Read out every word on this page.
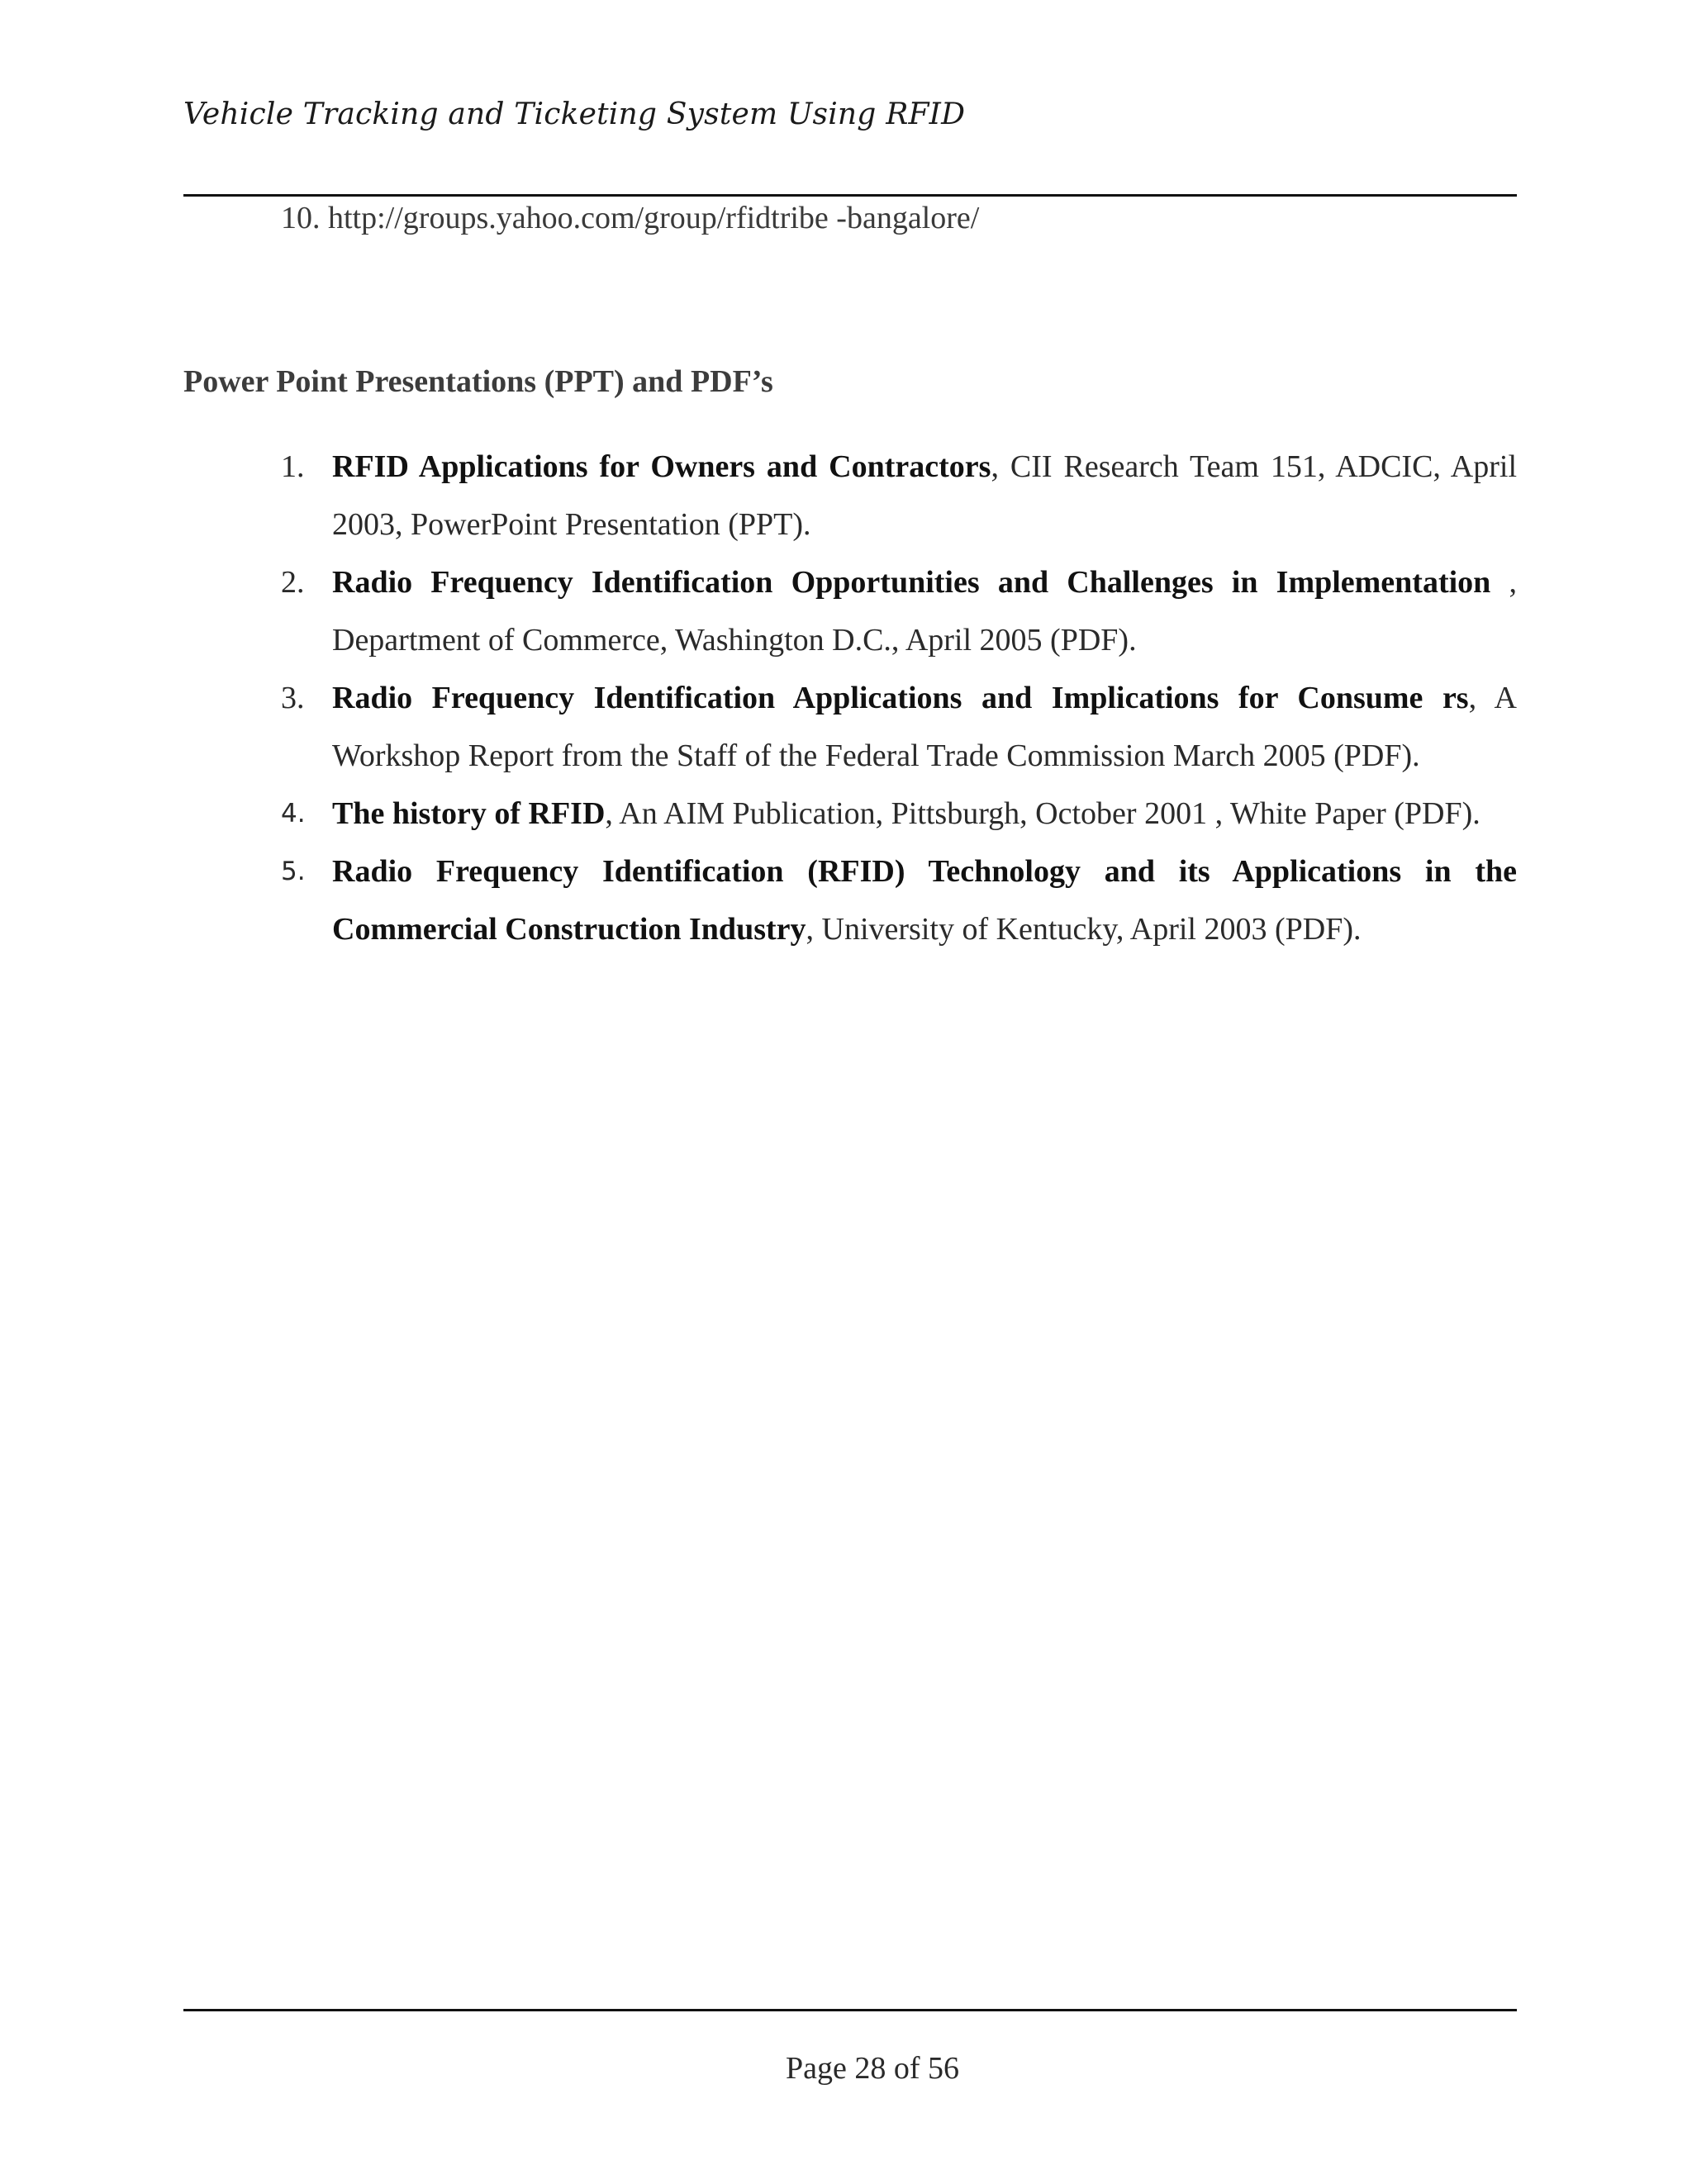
Vehicle Tracking and Ticketing System Using RFID
10. http://groups.yahoo.com/group/rfidtribe -bangalore/
Power Point Presentations (PPT) and PDF’s
1. RFID Applications for Owners and Contractors, CII Research Team 151, ADCIC, April 2003, PowerPoint Presentation (PPT).
2. Radio Frequency Identification Opportunities and Challenges in Implementation , Department of Commerce, Washington D.C., April 2005 (PDF).
3. Radio Frequency Identification Applications and Implications for Consume rs, A Workshop Report from the Staff of the Federal Trade Commission March 2005 (PDF).
4. The history of RFID, An AIM Publication, Pittsburgh, October 2001 , White Paper (PDF).
5. Radio Frequency Identification (RFID) Technology and its Applications in the Commercial Construction Industry, University of Kentucky, April 2003 (PDF).
Page 28 of 56
